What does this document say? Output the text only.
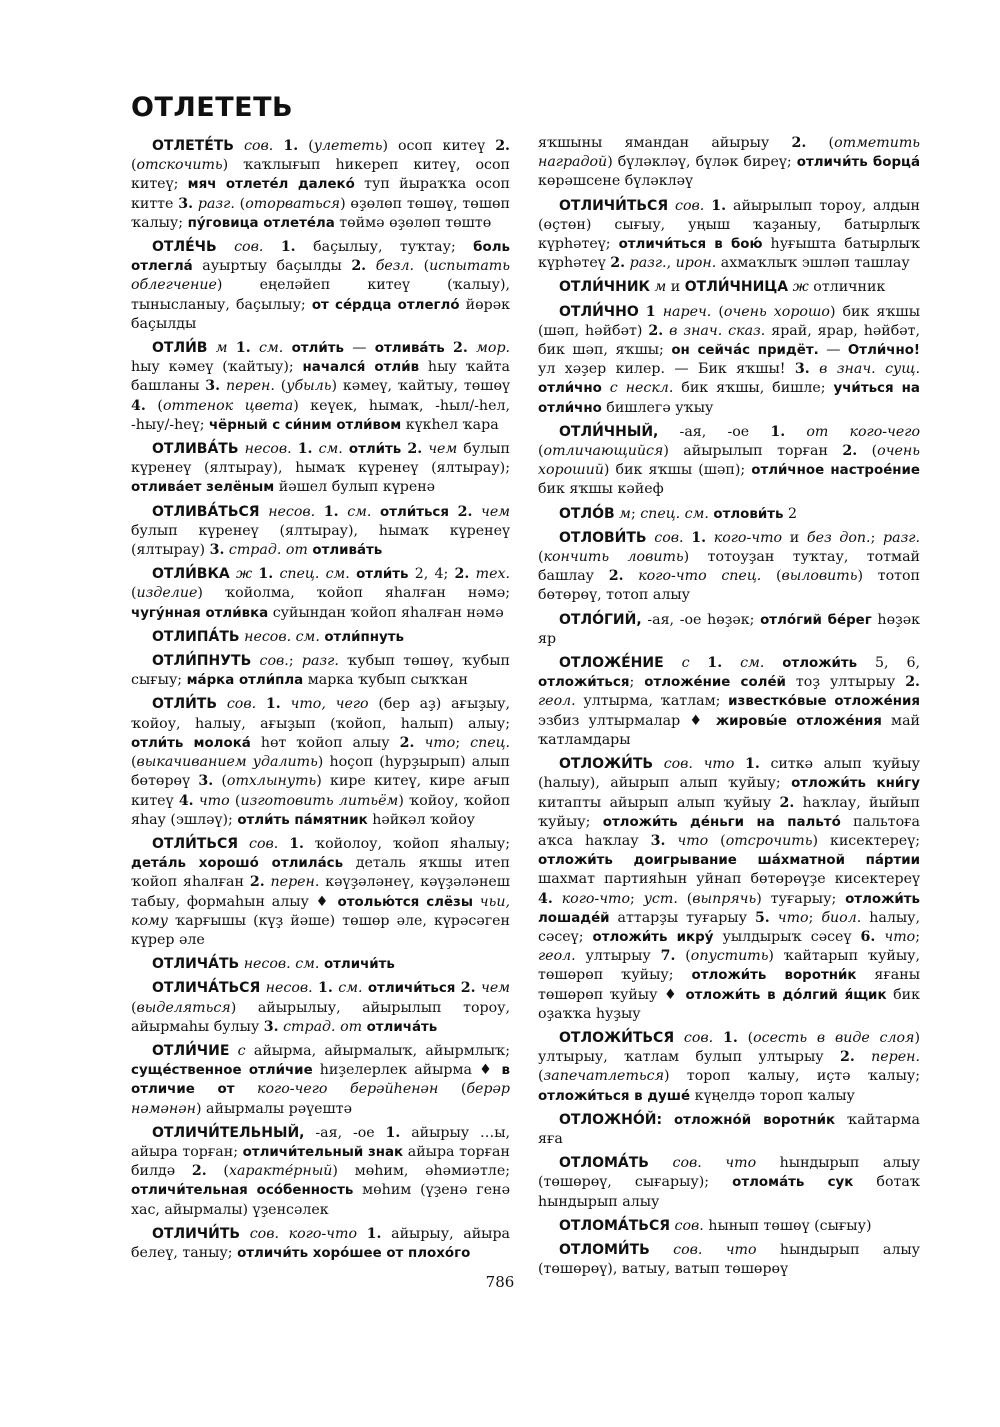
ОТЛЕТЕТЬ

ОТЛЕТЕ́ТЬ сов. 1. (улететь) осоп китеү 2. (отскочить) ҡаҡлығып һикереп китеү, осоп китеү; мяч отлете́л далеко́ туп йыраҡҡа осоп китте 3. разг. (оторваться) өҙөлөп төшөү, төшөп ҡалыу; пу́говица отлете́ла төймә өҙөлөп төштө

ОТЛЕ́ЧЬ сов. 1. баҫылыу, туҡтау; боль отлегла́ ауыртыу баҫылды 2. безл. (испытать облегчение) еңеләйеп китеү (ҡалыу), тынысланыу, баҫылыу; от се́рдца отлегло́ йөрәк баҫылды

ОТЛИ́В м 1. см. отли́ть — отлива́ть 2. мор. һыу кәмеү (ҡайтыу); начался́ отли́в һыу ҡайта башланы 3. перен. (убыль) кәмеү, ҡайтыу, төшөү 4. (оттенок цвета) кеүек, һымаҡ, -һыл/-һел, -һыу/-һеү; чёрный с си́ним отли́вом күкһел ҡара

ОТЛИВА́ТЬ несов. 1. см. отли́ть 2. чем булып күренеү (ялтырау), һымаҡ күренеү (ялтырау); отлива́ет зелёным йәшел булып күренә

ОТЛИВА́ТЬСЯ несов. 1. см. отли́ться 2. чем булып күренеү (ялтырау), һымаҡ күренеү (ялтырау) 3. страд. от отлива́ть

ОТЛИ́ВКА ж 1. спец. см. отли́ть 2, 4; 2. тех. (изделие) ҡойолма, ҡойоп яһалған нәмә; чугу́нная отли́вка суйындан ҡойоп яһалған нәмә

ОТЛИПА́ТЬ несов. см. отли́пнуть

ОТЛИ́ПНУТЬ сов.; разг. ҡубып төшөү, ҡубып сығыу; ма́рка отли́пла марка ҡубып сыҡҡан

ОТЛИ́ТЬ сов. 1. что, чего (бер аҙ) ағыҙыу, ҡойоу, һалыу, ағыҙып (ҡойоп, һалып) алыу; отли́ть молока́ һөт ҡойоп алыу 2. что; спец. (выкачиванием удалить) һоҫоп (һурҙырып) алып бөтөрөү 3. (отхлынуть) кире китеү, кире ағып китеү 4. что (изготовить литьём) ҡойоу, ҡойоп яһау (эшләү); отли́ть па́мятник һәйкәл ҡойоу

ОТЛИ́ТЬСЯ сов. 1. ҡойолоу, ҡойоп яһалыу; дета́ль хорошо́ отлила́сь деталь яҡшы итеп ҡойоп яһалған 2. перен. кәүҙәләнеү, кәүҙәләнеш табыу, формаһын алыу ♦ отолью́тся слёзы чьи, кому ҡарғышы (күҙ йәше) төшөр әле, күрәсәген күрер әле

ОТЛИЧА́ТЬ несов. см. отличи́ть

ОТЛИЧА́ТЬСЯ несов. 1. см. отличи́ться 2. чем (выделяться) айырылыу, айырылып тороу, айырмаһы булыу 3. страд. от отлича́ть

ОТЛИ́ЧИЕ с айырма, айырмалыҡ, айырмлыҡ; суще́ственное отли́чие һиҙелерлек айырма ♦ в отличие от кого-чего берәйһенән (берәр нәмәнән) айырмалы рәүештә

ОТЛИЧИ́ТЕЛЬНЫЙ, -ая, -ое 1. айырыу …ы, айыра торған; отличи́тельный знак айыра торған билдә 2. (характе́рный) мөһим, әһәмиәтле; отличи́тельная осо́бенность мөһим (үҙенә генә хас, айырмалы) үҙенсәлек

ОТЛИЧИ́ТЬ сов. кого-что 1. айырыу, айыра белеү, таныу; отличи́ть хоро́шее от плохо́го

яҡшыны ямандан айырыу 2. (отметить наградой) бүләкләү, бүләк биреү; отличи́ть борца́ көрәшсене бүләкләү

ОТЛИЧИ́ТЬСЯ сов. 1. айырылып тороу, алдын (өҫтөн) сығыу, уңыш ҡаҙаныу, батырлыҡ күрһәтеү; отличи́ться в бою́ һуғышта батырлыҡ күрһәтеү 2. разг., ирон. ахмаҡлыҡ эшләп ташлау

ОТЛИ́ЧНИК м и ОТЛИ́ЧНИЦА ж отличник

ОТЛИ́ЧНО 1 нареч. (очень хорошо) бик яҡшы (шәп, һәйбәт) 2. в знач. сказ. ярай, ярар, һәйбәт, бик шәп, яҡшы; он сейча́с придёт. — Отли́чно! ул хәҙер килер. — Бик яҡшы! 3. в знач. сущ. отли́чно с нескл. бик яҡшы, бишле; учи́ться на отли́чно бишлегә уҡыу

ОТЛИ́ЧНЫЙ, -ая, -ое 1. от кого-чего (отличающийся) айырылып торған 2. (очень хороший) бик яҡшы (шәп); отли́чное настрое́ние бик яҡшы кәйеф

ОТЛО́В м; спец. см. отлови́ть 2

ОТЛОВИ́ТЬ сов. 1. кого-что и без доп.; разг. (кончить ловить) тотоуҙан туҡтау, тотмай башлау 2. кого-что спец. (выловить) тотоп бөтөрөү, тотоп алыу

ОТЛО́ГИЙ, -ая, -ое һөҙәк; отло́гий бе́рег һөҙәк яр

ОТЛОЖЕ́НИЕ с 1. см. отложи́ть 5, 6, отложи́ться; отложе́ние соле́й тоҙ ултырыу 2. геол. ултырма, ҡатлам; известко́вые отложе́ния эзбиз ултырмалар ♦ жировы́е отложе́ния май ҡатламдары

ОТЛОЖИ́ТЬ сов. что 1. ситкә алып ҡуйыу (һалыу), айырып алып ҡуйыу; отложи́ть кни́гу китапты айырып алып ҡуйыу 2. һаҡлау, йыйып ҡуйыу; отложи́ть де́ньги на пальто́ пальтоға аҡса һаҡлау 3. что (отсрочить) кисектереү; отложи́ть доигрывание ша́хматной па́ртии шахмат партияһын уйнап бөтөрөүҙе кисектереү 4. кого-что; уст. (выпрячь) туғарыу; отложи́ть лошаде́й аттарҙы туғарыу 5. что; биол. һалыу, сәсеү; отложи́ть икру́ уылдырыҡ сәсеү 6. что; геол. ултырыу 7. (опустить) ҡайтарып ҡуйыу, төшөрөп ҡуйыу; отложи́ть воротни́к яғаны төшөрөп ҡуйыу ♦ отложи́ть в до́лгий я́щик бик оҙаҡҡа һуҙыу

ОТЛОЖИ́ТЬСЯ сов. 1. (осесть в виде слоя) ултырыу, ҡатлам булып ултырыу 2. перен. (запечатлеться) тороп ҡалыу, иҫтә ҡалыу; отложи́ться в душе́ күңелдә тороп ҡалыу

ОТЛОЖНО́Й: отложно́й воротни́к ҡайтарма яға

ОТЛОМА́ТЬ сов. что һындырып алыу (төшөрөү, сығарыу); отлома́ть сук ботаҡ һындырып алыу

ОТЛОМА́ТЬСЯ сов. һынып төшөү (сығыу)

ОТЛОМИ́ТЬ сов. что һындырып алыу (төшөрөү), ватыу, ватып төшөрөү

786
